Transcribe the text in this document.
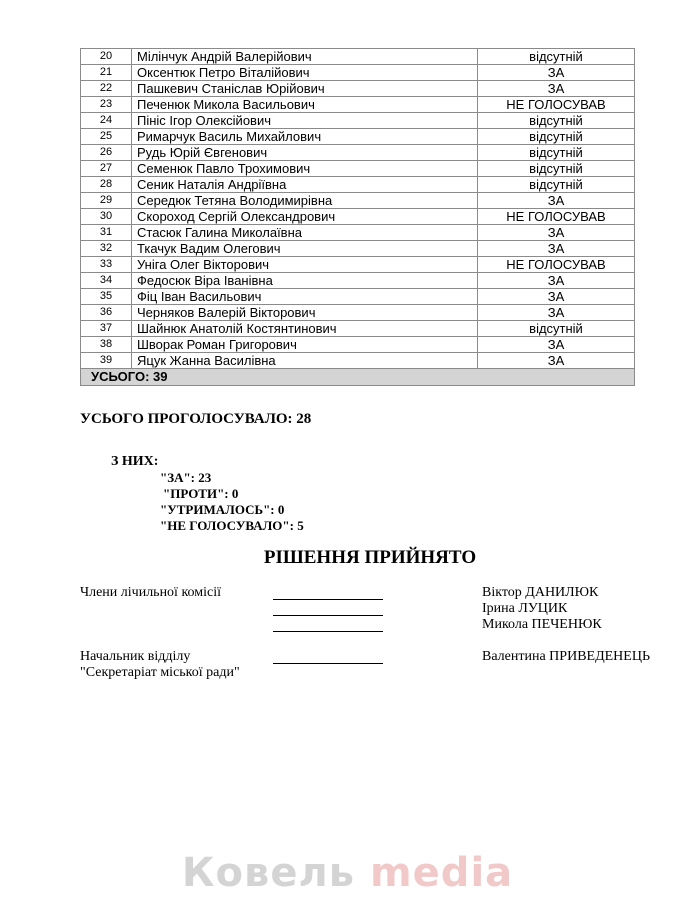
20	Мілінчук Андрій Валерійович	відсутній
21	Оксентюк Петро Віталійович	ЗА
22	Пашкевич Станіслав Юрійович	ЗА
23	Печенюк Микола Васильович	НЕ ГОЛОСУВАВ
24	Пініс Ігор Олексійович	відсутній
25	Римарчук Василь Михайлович	відсутній
26	Рудь Юрій Євгенович	відсутній
27	Семенюк Павло Трохимович	відсутній
28	Сеник Наталія Андріївна	відсутній
29	Середюк Тетяна Володимирівна	ЗА
30	Скороход Сергій Олександрович	НЕ ГОЛОСУВАВ
31	Стасюк Галина Миколаївна	ЗА
32	Ткачук Вадим Олегович	ЗА
33	Уніга Олег Вікторович	НЕ ГОЛОСУВАВ
34	Федосюк Віра Іванівна	ЗА
35	Фіц Іван Васильович	ЗА
36	Черняков Валерій Вікторович	ЗА
37	Шайнюк Анатолій Костянтинович	відсутній
38	Шворак Роман Григорович	ЗА
39	Яцук Жанна Василівна	ЗА
УСЬОГО: 39		
УСЬОГО ПРОГОЛОСУВАЛО: 28
З НИХ:
"ЗА": 23
"ПРОТИ": 0
"УТРИМАЛОСЬ": 0
"НЕ ГОЛОСУВАЛО": 5
РІШЕННЯ ПРИЙНЯТО
Члени лічильної комісії	Віктор ДАНИЛЮК
Ірина ЛУЦИК
Микола ПЕЧЕНЮК
Начальник відділу "Секретаріат міської ради"
Валентина ПРИВЕДЕНЕЦЬ
Ковель media
